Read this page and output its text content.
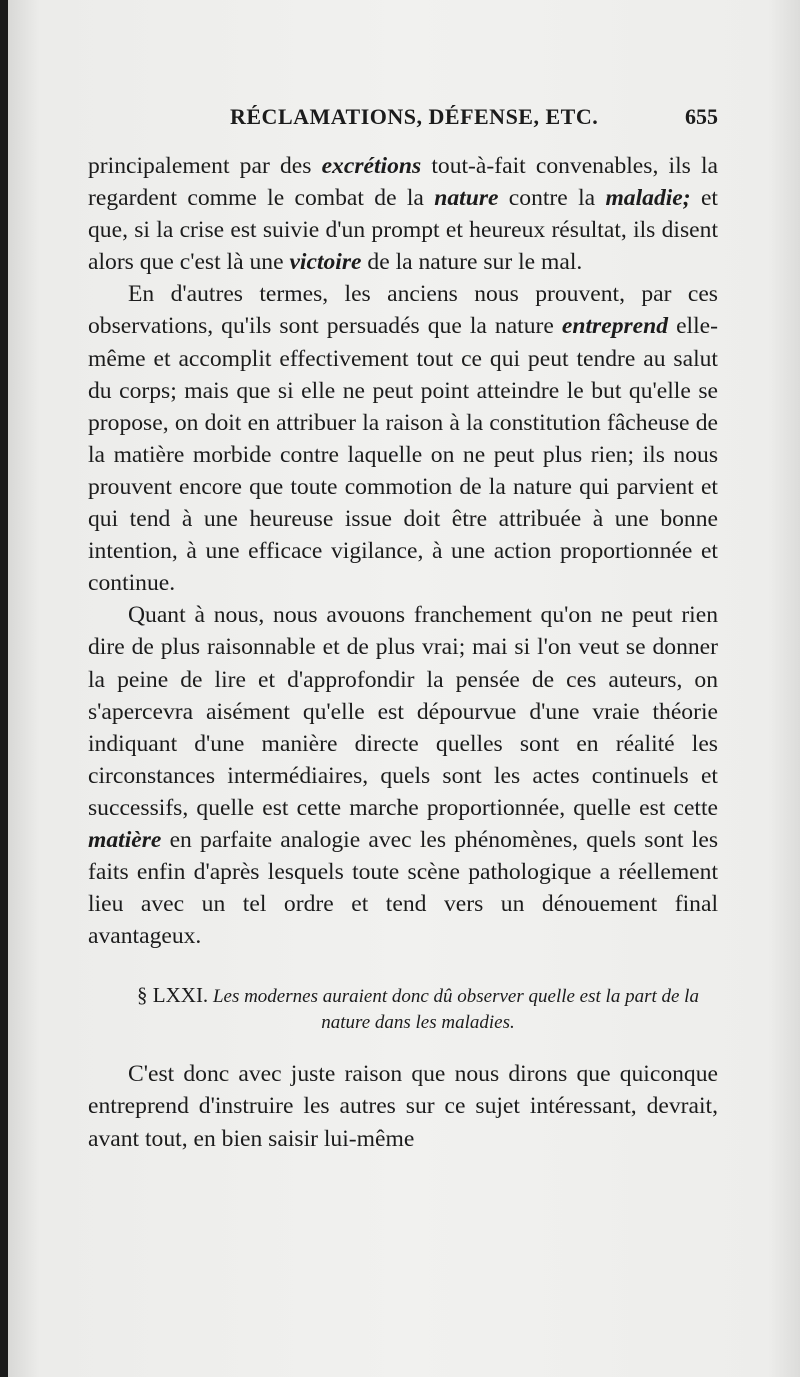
RÉCLAMATIONS, DÉFENSE, ETC.	655

principalement par des excrétions tout-à-fait convenables, ils la regardent comme le combat de la nature contre la maladie; et que, si la crise est suivie d'un prompt et heureux résultat, ils disent alors que c'est là une victoire de la nature sur le mal.

En d'autres termes, les anciens nous prouvent, par ces observations, qu'ils sont persuadés que la nature entreprend elle-même et accomplit effectivement tout ce qui peut tendre au salut du corps; mais que si elle ne peut point atteindre le but qu'elle se propose, on doit en attribuer la raison à la constitution fâcheuse de la matière morbide contre laquelle on ne peut plus rien; ils nous prouvent encore que toute commotion de la nature qui parvient et qui tend à une heureuse issue doit être attribuée à une bonne intention, à une efficace vigilance, à une action proportionnée et continue.

Quant à nous, nous avouons franchement qu'on ne peut rien dire de plus raisonnable et de plus vrai; mai si l'on veut se donner la peine de lire et d'approfondir la pensée de ces auteurs, on s'apercevra aisément qu'elle est dépourvue d'une vraie théorie indiquant d'une manière directe quelles sont en réalité les circonstances intermédiaires, quels sont les actes continuels et successifs, quelle est cette marche proportionnée, quelle est cette matière en parfaite analogie avec les phénomènes, quels sont les faits enfin d'après lesquels toute scène pathologique a réellement lieu avec un tel ordre et tend vers un dénouement final avantageux.

§ LXXI. Les modernes auraient donc dû observer quelle est la part de la nature dans les maladies.

C'est donc avec juste raison que nous dirons que quiconque entreprend d'instruire les autres sur ce sujet intéressant, devrait, avant tout, en bien saisir lui-même
